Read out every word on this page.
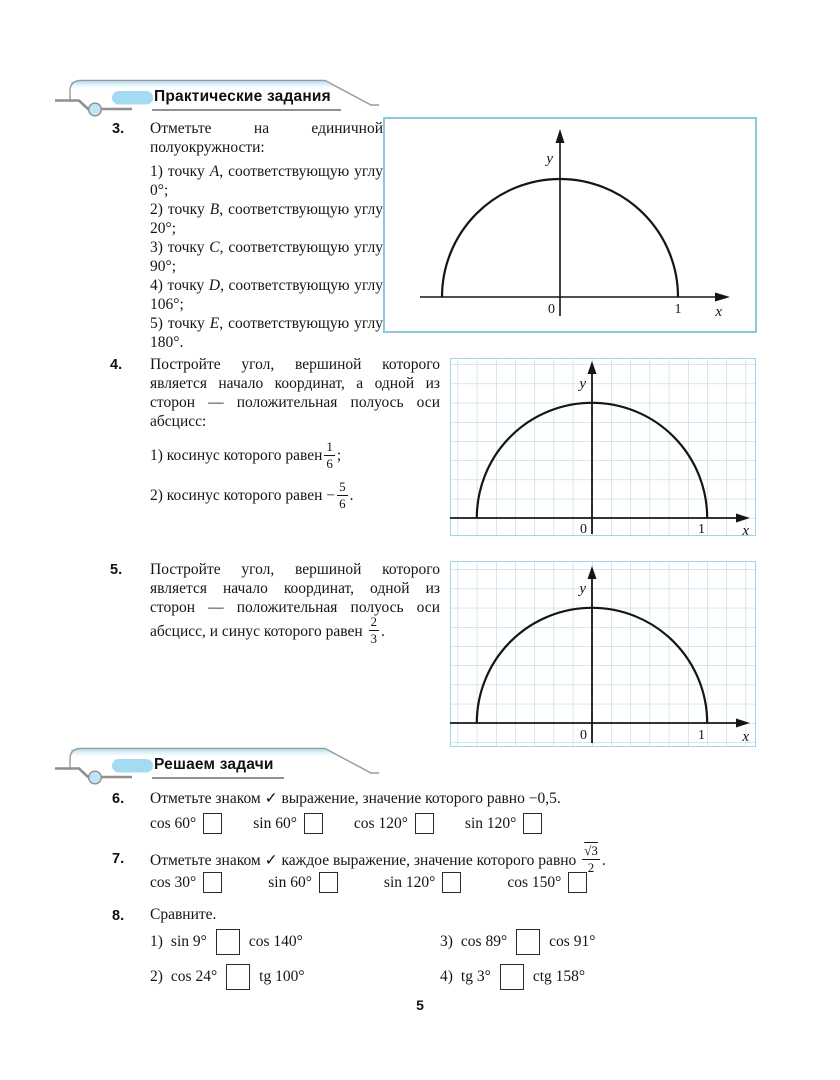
Практические задания
3. Отметьте на единичной полуокружности:

1) точку A, соответствующую углу 0°;

2) точку B, соответствующую углу 20°;

3) точку C, соответствующую углу 90°;

4) точку D, соответствующую углу 106°;

5) точку E, соответствующую углу 180°.

y
0	1 x
4. Постройте угол, вершиной которого является начало координат, а одной из сторон — положительная полуось оси абсцисс:

1) косинус которого равен $\frac{1}{6}$ ;
2) косинус которого равен − $\frac{5}{6}$ .
y
0	1 x
5. Постройте угол, вершиной которого является начало координат, одной из сторон — положительная полуось оси абсцисс, и синус которого равен $\frac{2}{3}$ .

y
0	1 x
Решаем задачи
6. Отметьте знаком ✓ выражение, значение которого равно −0,5.
cos 60°	sin 60°	cos 120°	sin 120°
7. Отметьте знаком ✓ каждое выражение, значение которого равно $\frac{√3}{2}$ .
cos 30°	sin 60°	sin 120°	cos 150°
8. Сравните.
1) sin 9°	cos 140°	3) cos 89°	cos 91°
2) cos 24°	tg 100°	4) tg 3°	ctg 158°
5
